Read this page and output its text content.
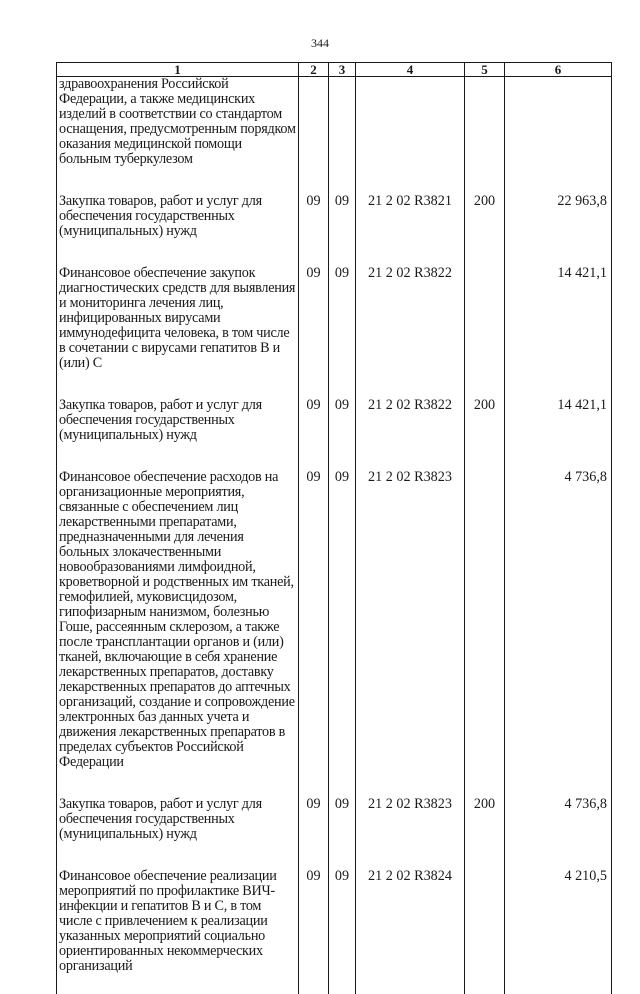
344
1	2	3	4	5	6
здравоохранения Российской Федерации, а также медицинских изделий в соответствии со стандартом оснащения, предусмотренным порядком оказания медицинской помощи больным туберкулезом					

Закупка товаров, работ и услуг для обеспечения государственных (муниципальных) нужд	09	09	21 2 02 R3821	200	22 963,8

Финансовое обеспечение закупок диагностических средств для выявления и мониторинга лечения лиц, инфицированных вирусами иммунодефицита человека, в том числе в сочетании с вирусами гепатитов B и (или) C	09	09	21 2 02 R3822		14 421,1

Закупка товаров, работ и услуг для обеспечения государственных (муниципальных) нужд	09	09	21 2 02 R3822	200	14 421,1

Финансовое обеспечение расходов на организационные мероприятия, связанные с обеспечением лиц лекарственными препаратами, предназначенными для лечения больных злокачественными новообразованиями лимфоидной, кроветворной и родственных им тканей, гемофилией, муковисцидозом, гипофизарным нанизмом, болезнью Гоше, рассеянным склерозом, а также после трансплантации органов и (или) тканей, включающие в себя хранение лекарственных препаратов, доставку лекарственных препаратов до аптечных организаций, создание и сопровождение электронных баз данных учета и движения лекарственных препаратов в пределах субъектов Российской Федерации	09	09	21 2 02 R3823		4 736,8

Закупка товаров, работ и услуг для обеспечения государственных (муниципальных) нужд	09	09	21 2 02 R3823	200	4 736,8

Финансовое обеспечение реализации мероприятий по профилактике ВИЧ-инфекции и гепатитов B и C, в том числе с привлечением к реализации указанных мероприятий социально ориентированных некоммерческих организаций	09	09	21 2 02 R3824		4 210,5
